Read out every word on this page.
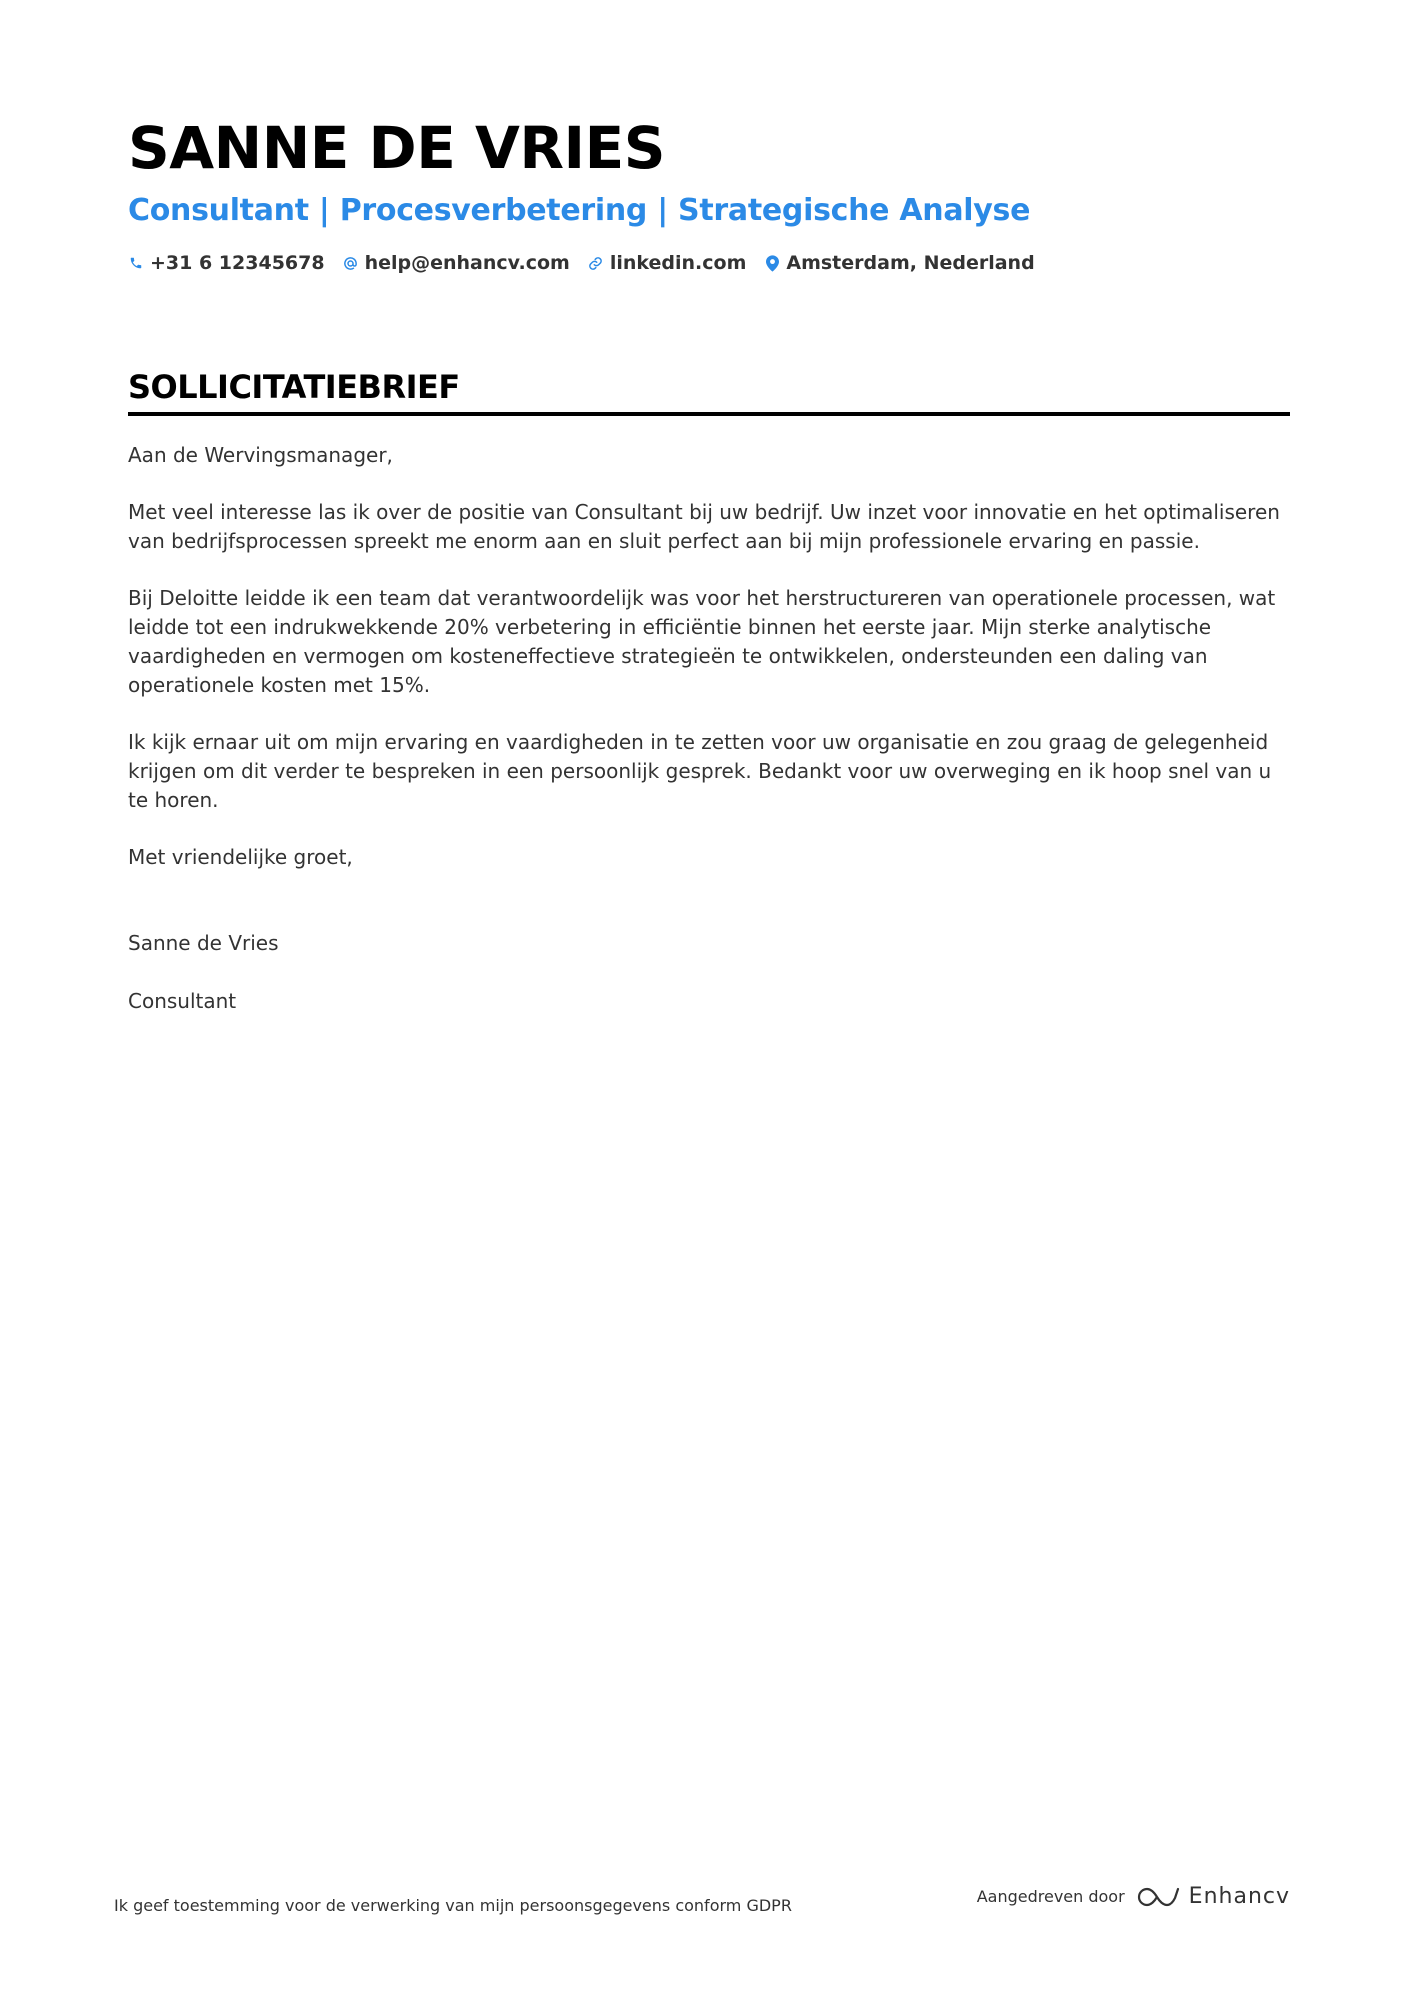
SANNE DE VRIES
Consultant | Procesverbetering | Strategische Analyse
+31 6 12345678 help@enhancv.com linkedin.com Amsterdam, Nederland
SOLLICITATIEBRIEF

Aan de Wervingsmanager,

Met veel interesse las ik over de positie van Consultant bij uw bedrijf. Uw inzet voor innovatie en het optimaliseren van bedrijfsprocessen spreekt me enorm aan en sluit perfect aan bij mijn professionele ervaring en passie.

Bij Deloitte leidde ik een team dat verantwoordelijk was voor het herstructureren van operationele processen, wat leidde tot een indrukwekkende 20% verbetering in efficiëntie binnen het eerste jaar. Mijn sterke analytische vaardigheden en vermogen om kosteneffectieve strategieën te ontwikkelen, ondersteunden een daling van operationele kosten met 15%.

Ik kijk ernaar uit om mijn ervaring en vaardigheden in te zetten voor uw organisatie en zou graag de gelegenheid krijgen om dit verder te bespreken in een persoonlijk gesprek. Bedankt voor uw overweging en ik hoop snel van u te horen.

Met vriendelijke groet,

Sanne de Vries

Consultant

Ik geef toestemming voor de verwerking van mijn persoonsgegevens conform GDPR	Aangedreven door	Enhancv
